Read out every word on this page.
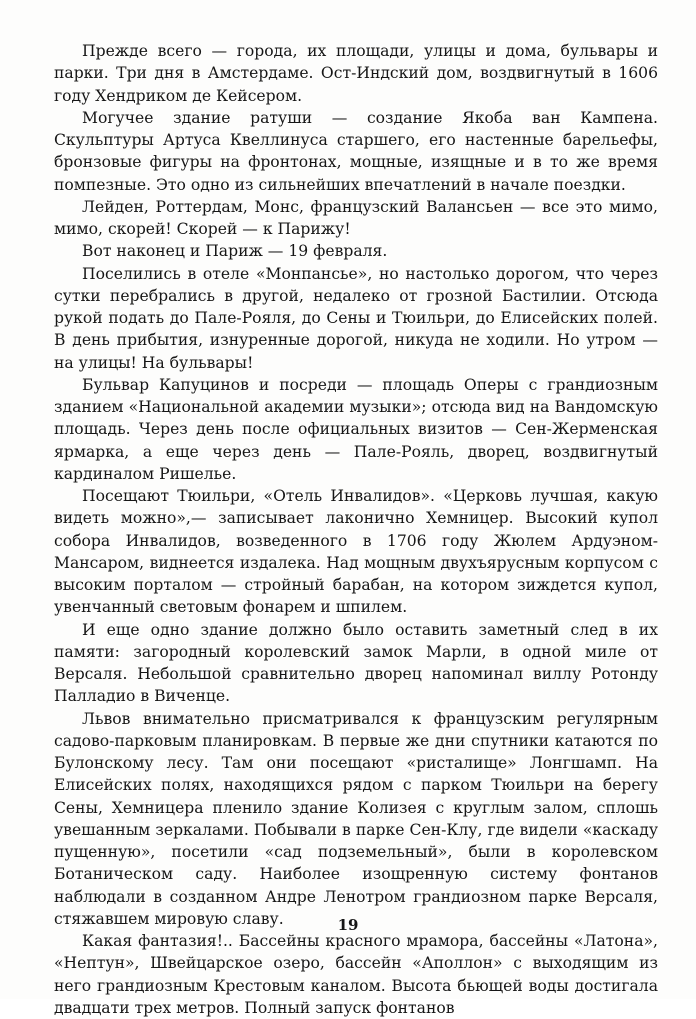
Прежде всего — города, их площади, улицы и дома, бульвары и парки. Три дня в Амстердаме. Ост-Индский дом, воздвигнутый в 1606 году Хендриком де Кейсером.

Могучее здание ратуши — создание Якоба ван Кампена. Скульптуры Артуса Квеллинуса старшего, его настенные барельефы, бронзовые фигуры на фронтонах, мощные, изящные и в то же время помпезные. Это одно из сильнейших впечатлений в начале поездки.

Лейден, Роттердам, Монс, французский Валансьен — все это мимо, мимо, скорей! Скорей — к Парижу!

Вот наконец и Париж — 19 февраля.

Поселились в отеле «Монпансье», но настолько дорогом, что через сутки перебрались в другой, недалеко от грозной Бастилии. Отсюда рукой подать до Пале-Рояля, до Сены и Тюильри, до Елисейских полей. В день прибытия, изнуренные дорогой, никуда не ходили. Но утром — на улицы! На бульвары!

Бульвар Капуцинов и посреди — площадь Оперы с грандиозным зданием «Национальной академии музыки»; отсюда вид на Вандомскую площадь. Через день после официальных визитов — Сен-Жерменская ярмарка, а еще через день — Пале-Рояль, дворец, воздвигнутый кардиналом Ришелье.

Посещают Тюильри, «Отель Инвалидов». «Церковь лучшая, какую видеть можно»,— записывает лаконично Хемницер. Высокий купол собора Инвалидов, возведенного в 1706 году Жюлем Ардуэном-Мансаром, виднеется издалека. Над мощным двухъярусным корпусом с высоким порталом — стройный барабан, на котором зиждется купол, увенчанный световым фонарем и шпилем.

И еще одно здание должно было оставить заметный след в их памяти: загородный королевский замок Марли, в одной миле от Версаля. Небольшой сравнительно дворец напоминал виллу Ротонду Палладио в Виченце.

Львов внимательно присматривался к французским регулярным садово-парковым планировкам. В первые же дни спутники катаются по Булонскому лесу. Там они посещают «ристалище» Лонгшамп. На Елисейских полях, находящихся рядом с парком Тюильри на берегу Сены, Хемницера пленило здание Колизея с круглым залом, сплошь увешанным зеркалами. Побывали в парке Сен-Клу, где видели «каскаду пущенную», посетили «сад подземельный», были в королевском Ботаническом саду. Наиболее изощренную систему фонтанов наблюдали в созданном Андре Ленотром грандиозном парке Версаля, стяжавшем мировую славу.

Какая фантазия!.. Бассейны красного мрамора, бассейны «Латона», «Нептун», Швейцарское озеро, бассейн «Аполлон» с выходящим из него грандиозным Крестовым каналом. Высота бьющей воды достигала двадцати трех метров. Полный запуск фонтанов

19
